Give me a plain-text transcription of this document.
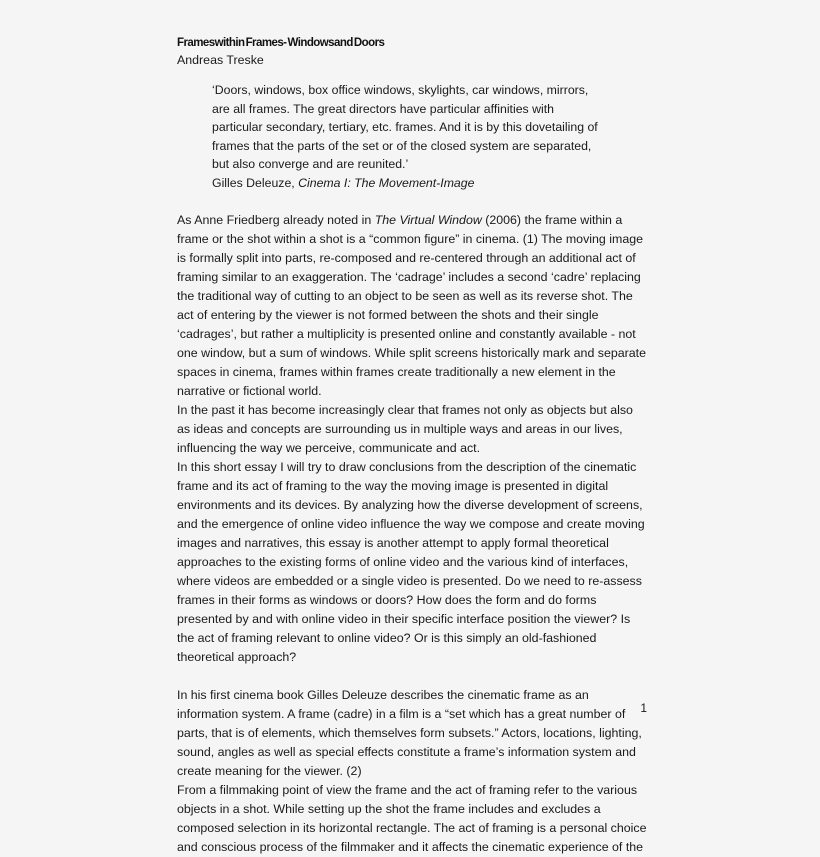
Frameswithin Frames- Windowsand Doors
Andreas Treske

‘Doors, windows, box office windows, skylights, car windows, mirrors, are all frames. The great directors have particular affinities with particular secondary, tertiary, etc. frames. And it is by this dovetailing of frames that the parts of the set or of the closed system are separated, but also converge and are reunited.’

Gilles Deleuze, Cinema I: The Movement-Image

As Anne Friedberg already noted in The Virtual Window (2006) the frame within a frame or the shot within a shot is a “common figure” in cinema. (1) The moving image is formally split into parts, re-composed and re-centered through an additional act of framing similar to an exaggeration. The ‘cadrage’ includes a second ‘cadre’ replacing the traditional way of cutting to an object to be seen as well as its reverse shot. The act of entering by the viewer is not formed between the shots and their single ‘cadrages’, but rather a multiplicity is presented online and constantly available - not one window, but a sum of windows. While split screens historically mark and separate spaces in cinema, frames within frames create traditionally a new element in the narrative or fictional world.

In the past it has become increasingly clear that frames not only as objects but also as ideas and concepts are surrounding us in multiple ways and areas in our lives, influencing the way we perceive, communicate and act.

In this short essay I will try to draw conclusions from the description of the cinematic frame and its act of framing to the way the moving image is presented in digital environments and its devices. By analyzing how the diverse development of screens, and the emergence of online video influence the way we compose and create moving images and narratives, this essay is another attempt to apply formal theoretical approaches to the existing forms of online video and the various kind of interfaces, where videos are embedded or a single video is presented. Do we need to re-assess frames in their forms as windows or doors? How does the form and do forms presented by and with online video in their specific interface position the viewer? Is the act of framing relevant to online video? Or is this simply an old-fashioned theoretical approach?

In his first cinema book Gilles Deleuze describes the cinematic frame as an information system. A frame (cadre) in a film is a “set which has a great number of parts, that is of elements, which themselves form subsets.” Actors, locations, lighting, sound, angles as well as special effects constitute a frame’s information system and create meaning for the viewer. (2)

From a filmmaking point of view the frame and the act of framing refer to the various objects in a shot. While setting up the shot the frame includes and excludes a composed selection in its horizontal rectangle. The act of framing is a personal choice and conscious process of the filmmaker and it affects the cinematic experience of the

1
